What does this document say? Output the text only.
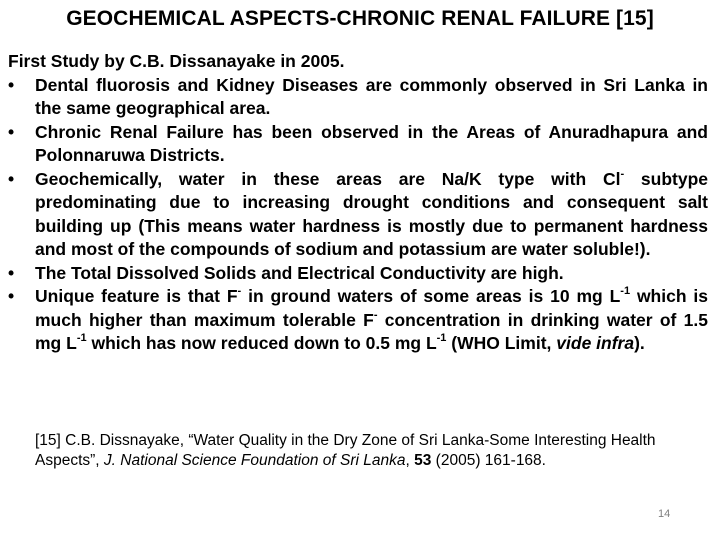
GEOCHEMICAL ASPECTS-CHRONIC RENAL FAILURE [15]

First Study by C.B. Dissanayake in 2005.

•	Dental fluorosis and Kidney Diseases are commonly observed in Sri Lanka in the same geographical area.
•	Chronic Renal Failure has been observed in the Areas of Anuradhapura and Polonnaruwa Districts.
•	Geochemically, water in these areas are Na/K type with Cl- subtype predominating due to increasing drought conditions and consequent salt building up (This means water hardness is mostly due to permanent hardness and most of the compounds of sodium and potassium are water soluble!).
•	The Total Dissolved Solids and Electrical Conductivity are high.
•	Unique feature is that F- in ground waters of some areas is 10 mg $L^{-1}$ which is much higher than maximum tolerable F- concentration in drinking water of 1.5 mg $L^{-1}$ which has now reduced down to 0.5 mg $L^{-1}$ (WHO Limit, vide infra).
[15] C.B. Dissnayake, “Water Quality in the Dry Zone of Sri Lanka-Some Interesting Health Aspects”, J. National Science Foundation of Sri Lanka, 53 (2005) 161-168.
14
